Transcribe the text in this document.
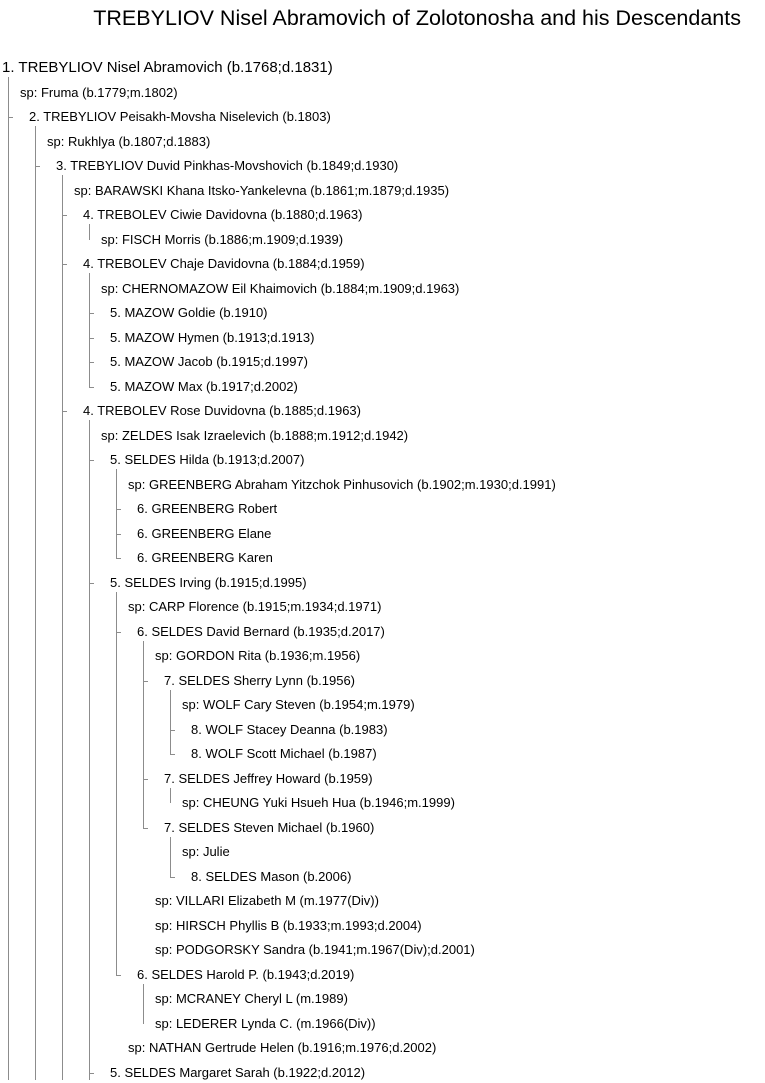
TREBYLIOV Nisel Abramovich of Zolotonosha and his Descendants
1. TREBYLIOV Nisel Abramovich (b.1768;d.1831)
sp: Fruma (b.1779;m.1802)
2. TREBYLIOV Peisakh-Movsha Niselevich (b.1803)
sp: Rukhlya (b.1807;d.1883)
3. TREBYLIOV Duvid Pinkhas-Movshovich (b.1849;d.1930)
sp: BARAWSKI Khana Itsko-Yankelevna (b.1861;m.1879;d.1935)
4. TREBOLEV Ciwie Davidovna (b.1880;d.1963)
sp: FISCH Morris (b.1886;m.1909;d.1939)
4. TREBOLEV Chaje Davidovna (b.1884;d.1959)
sp: CHERNOMAZOW Eil Khaimovich (b.1884;m.1909;d.1963)
5. MAZOW Goldie (b.1910)
5. MAZOW Hymen (b.1913;d.1913)
5. MAZOW Jacob (b.1915;d.1997)
5. MAZOW Max (b.1917;d.2002)
4. TREBOLEV Rose Duvidovna (b.1885;d.1963)
sp: ZELDES Isak Izraelevich (b.1888;m.1912;d.1942)
5. SELDES Hilda (b.1913;d.2007)
sp: GREENBERG Abraham Yitzchok Pinhusovich (b.1902;m.1930;d.1991)
6. GREENBERG Robert
6. GREENBERG Elane
6. GREENBERG Karen
5. SELDES Irving (b.1915;d.1995)
sp: CARP Florence (b.1915;m.1934;d.1971)
6. SELDES David Bernard (b.1935;d.2017)
sp: GORDON Rita (b.1936;m.1956)
7. SELDES Sherry Lynn (b.1956)
sp: WOLF Cary Steven (b.1954;m.1979)
8. WOLF Stacey Deanna (b.1983)
8. WOLF Scott Michael (b.1987)
7. SELDES Jeffrey Howard (b.1959)
sp: CHEUNG Yuki Hsueh Hua (b.1946;m.1999)
7. SELDES Steven Michael (b.1960)
sp: Julie
8. SELDES Mason (b.2006)
sp: VILLARI Elizabeth M (m.1977(Div))
sp: HIRSCH Phyllis B (b.1933;m.1993;d.2004)
sp: PODGORSKY Sandra (b.1941;m.1967(Div);d.2001)
6. SELDES Harold P. (b.1943;d.2019)
sp: MCRANEY Cheryl L (m.1989)
sp: LEDERER Lynda C. (m.1966(Div))
sp: NATHAN Gertrude Helen (b.1916;m.1976;d.2002)
5. SELDES Margaret Sarah (b.1922;d.2012)
